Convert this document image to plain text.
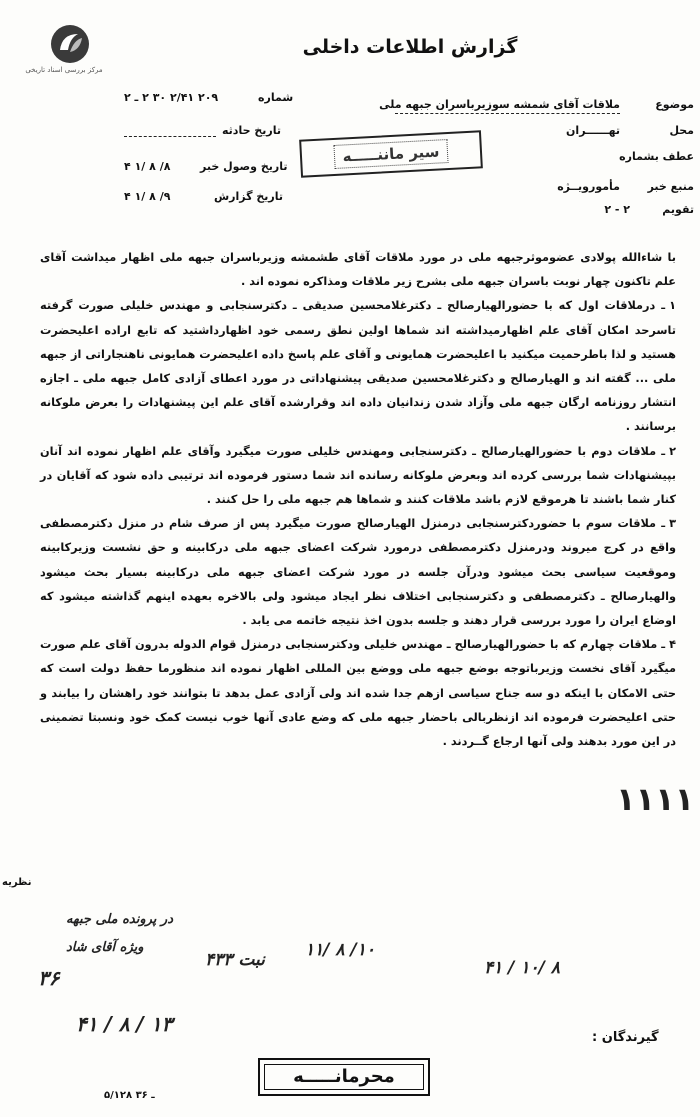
مرکز بررسی اسناد تاریخی
گزارش اطلاعات داخلی
موضوع
ملاقات آقای شمشه سوزیرباسران جبهه ملی
محل
تهــــــران
عطف بشماره
منبع خبر
مأمورویــژه
تقویم
۲ - ۲
سیر ماننـــــه
شماره
۲۰۹ ۲/۴۱ ۳۰ ۲ ـ ۲
تاریخ حادثه
تاریخ وصول خبر
۸/ ۸ /۱ ۴
تاریخ گزارش
۹/ ۸ /۱ ۴

با شاءالله پولادی عضوموثرجبهه ملی در مورد ملاقات آقای طشمشه وزیرباسران جبهه ملی اظهار میداشت آقای علم تاکنون چهار نوبت باسران جبهه ملی بشرح زیر ملاقات ومذاکره نموده اند .

۱ـ درملاقات اول که با حضورالهیارصالح ـ دکترغلامحسین صدیقی ـ دکترسنجابی و مهندس خلیلی صورت گرفته تاسرحد امکان آقای علم اظهارمیداشته اند شماها اولین نطق رسمی خود اظهارداشتید که تابع اراده اعلیحضرت هستید و لذا باطرحمیت میکنید با اعلیحضرت همایونی و آقای علم پاسخ داده اعلیحضرت همایونی ناهنجاراتی از جبهه ملی ... گفته اند و الهیارصالح و دکترغلامحسین صدیقی پیشنهاداتی در مورد اعطای آزادی کامل جبهه ملی ـ اجازه انتشار روزنامه ارگان جبهه ملی وآزاد شدن زندانیان داده اند وقرارشده آقای علم این پیشنهادات را بعرض ملوکانه برسانند .

۲ـ ملاقات دوم با حضورالهیارصالح ـ دکترسنجابی ومهندس خلیلی صورت میگیرد وآقای علم اظهار نموده اند آنان بپیشنهادات شما بررسی کرده اند وبعرض ملوکانه رسانده اند شما دستور فرموده اند ترتیبی داده شود که آقایان در کنار شما باشند تا هرموقع لازم باشد ملاقات کنند و شماها هم جبهه ملی را حل کنند .

۳ـ ملاقات سوم با حضوردکترسنجابی درمنزل الهیارصالح صورت میگیرد پس از صرف شام در منزل دکترمصطفی واقع در کرج میروند ودرمنزل دکترمصطفی درمورد شرکت اعضای جبهه ملی درکابینه و حق نشست وزیرکابینه وموقعیت سیاسی بحث میشود ودرآن جلسه در مورد شرکت اعضای جبهه ملی درکابینه بسیار بحث میشود والهیارصالح ـ دکترمصطفی و دکترسنجابی اختلاف نظر ایجاد میشود ولی بالاخره بعهده اینهم گذاشته میشود که اوضاع ایران را مورد بررسی قرار دهند و جلسه بدون اخذ نتیجه خاتمه می یابد .

۴ـ ملاقات چهارم که با حضورالهیارصالح ـ مهندس خلیلی ودکترسنجابی درمنزل قوام الدوله بدرون آقای علم صورت میگیرد آقای نخست وزیرباتوجه بوضع جبهه ملی ووضع بین المللی اظهار نموده اند منظورما حفظ دولت است که حتی الامکان با اینکه دو سه جناح سیاسی ازهم جدا شده اند ولی آزادی عمل بدهد تا بتوانند خود راهشان را بیابند و حتی اعلیحضرت فرموده اند ازنظربالی باحضار جبهه ملی که وضع عادی آنها خوب نیست کمک خود ونسبتا تضمینی در این مورد بدهند ولی آنها ارجاع گــردند .

نظریه
۱۱۱۱
در پرونده ملی جبهه
ویژه آقای شاد
۳۶
۱۳ / ۸ / ۴۱
نبت ۴۳۳ ۱۰/ ۸ /۱۱
۸ /۱۰ / ۴۱
گیرندگان :
محرمانـــــه
۵/۱۲۸ ـ ۳۶
